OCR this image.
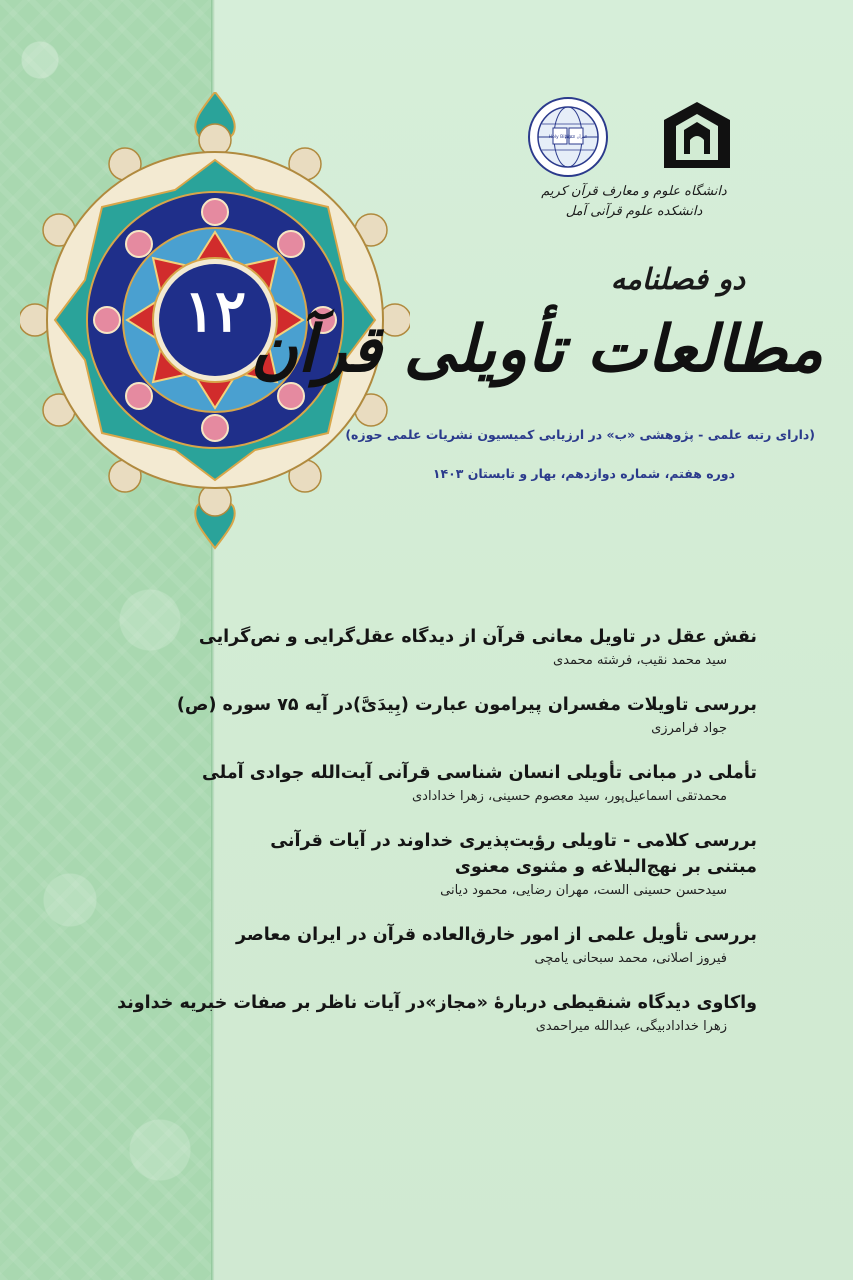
۱۲
Holy Bible
القرآن الکریم
دانشگاه علوم و معارف قرآن کریم
دانشکده علوم قرآنی آمل
دو فصلنامه
مطالعات تأویلی قرآن
(دارای رتبه علمی - پژوهشی «ب» در ارزیابی کمیسیون نشریات علمی حوزه)
دوره هفتم، شماره دوازدهم، بهار و تابستان ۱۴۰۳
نقش عقل در تاویل معانی قرآن از دیدگاه عقل‌گرایی و نص‌گرایی
سید محمد نقیب، فرشته محمدی
بررسی تاویلات مفسران پیرامون عبارت (بِیدَیَّ)در آیه ۷۵ سوره (ص)
جواد فرامرزی
تأملی در مبانی تأویلی انسان شناسی قرآنی آیت‌الله جوادی آملی
محمدتقی اسماعیل‌پور، سید معصوم حسینی، زهرا خدادادی
بررسی کلامی - تاویلی رؤیت‌پذیری خداوند در آیات قرآنی
مبتنی بر نهج‌البلاغه و مثنوی معنوی
سیدحسن حسینی الست، مهران رضایی، محمود دیانی
بررسی تأویل علمی از امور خارق‌العاده قرآن در ایران معاصر
فیروز اصلانی، محمد سبحانی یامچی
واکاوی دیدگاه شنقیطی دربارۀ «مجاز»در آیات ناظر بر صفات خبریه خداوند
زهرا خدادادبیگی، عبدالله میراحمدی
